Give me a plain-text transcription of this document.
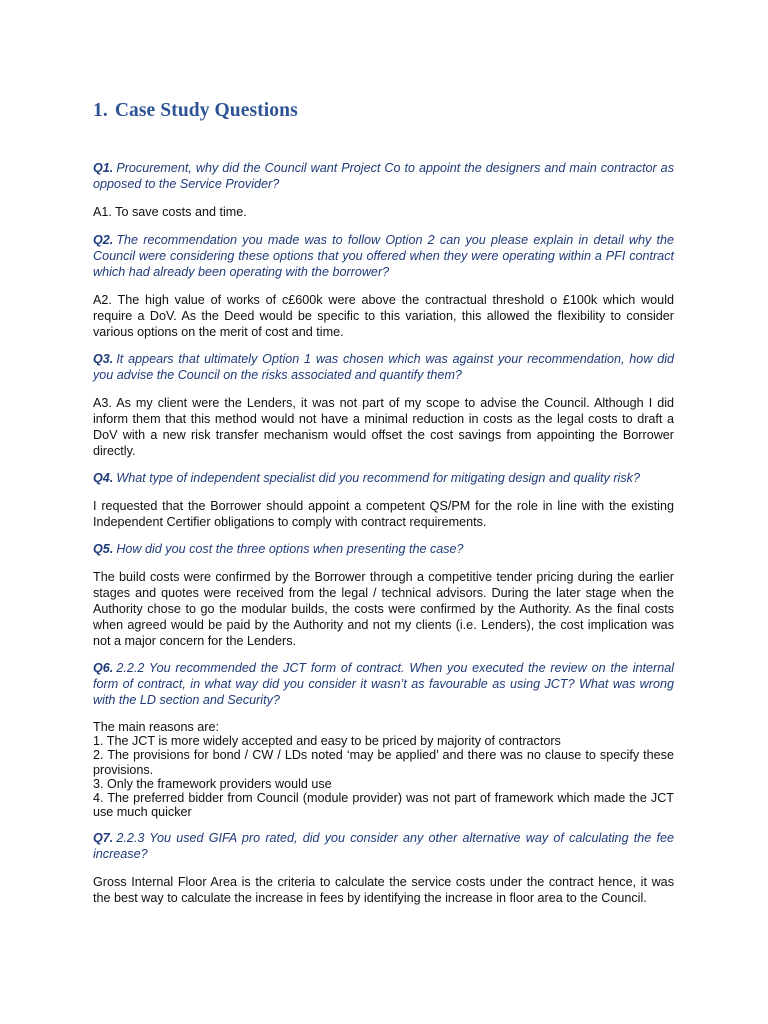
1. Case Study Questions

Q1. Procurement, why did the Council want Project Co to appoint the designers and main contractor as opposed to the Service Provider?

A1. To save costs and time.

Q2. The recommendation you made was to follow Option 2 can you please explain in detail why the Council were considering these options that you offered when they were operating within a PFI contract which had already been operating with the borrower?

A2. The high value of works of c£600k were above the contractual threshold o £100k which would require a DoV. As the Deed would be specific to this variation, this allowed the flexibility to consider various options on the merit of cost and time.

Q3. It appears that ultimately Option 1 was chosen which was against your recommendation, how did you advise the Council on the risks associated and quantify them?

A3. As my client were the Lenders, it was not part of my scope to advise the Council. Although I did inform them that this method would not have a minimal reduction in costs as the legal costs to draft a DoV with a new risk transfer mechanism would offset the cost savings from appointing the Borrower directly.

Q4. What type of independent specialist did you recommend for mitigating design and quality risk?

I requested that the Borrower should appoint a competent QS/PM for the role in line with the existing Independent Certifier obligations to comply with contract requirements.

Q5. How did you cost the three options when presenting the case?

The build costs were confirmed by the Borrower through a competitive tender pricing during the earlier stages and quotes were received from the legal / technical advisors. During the later stage when the Authority chose to go the modular builds, the costs were confirmed by the Authority. As the final costs when agreed would be paid by the Authority and not my clients (i.e. Lenders), the cost implication was not a major concern for the Lenders.

Q6. 2.2.2 You recommended the JCT form of contract. When you executed the review on the internal form of contract, in what way did you consider it wasn’t as favourable as using JCT? What was wrong with the LD section and Security?

The main reasons are:
1. The JCT is more widely accepted and easy to be priced by majority of contractors
2. The provisions for bond / CW / LDs noted ‘may be applied’ and there was no clause to specify these provisions.
3. Only the framework providers would use
4. The preferred bidder from Council (module provider) was not part of framework which made the JCT use much quicker

Q7. 2.2.3 You used GIFA pro rated, did you consider any other alternative way of calculating the fee increase?

Gross Internal Floor Area is the criteria to calculate the service costs under the contract hence, it was the best way to calculate the increase in fees by identifying the increase in floor area to the Council.
